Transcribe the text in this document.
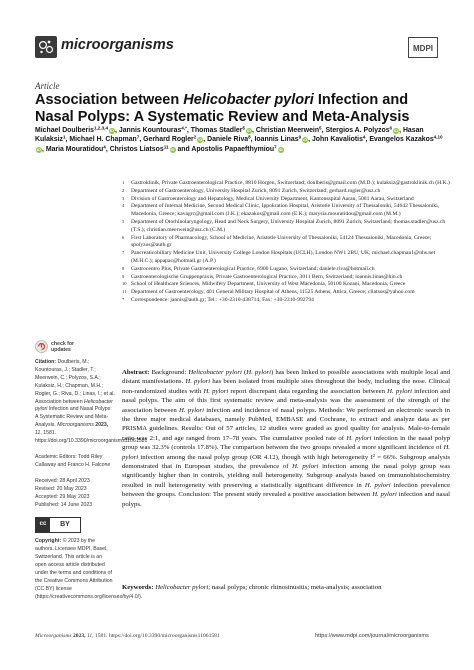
microorganisms	MDPI
Article
Association between Helicobacter pylori Infection and Nasal Polyps: A Systematic Review and Meta-Analysis

Michael Doulberis$^{1,2,3,4}$ iD, Jannis Kountouras$^{4,*}$, Thomas Stadler$^5$ iD, Christian Meerwein$^5$, Stergios A. Polyzos$^6$ iD, Hasan Kulaksiz$^1$, Michael H. Chapman$^7$, Gerhard Rogler$^2$ iD, Daniele Riva$^8$, Ioannis Linas$^9$ iD, John Kavaliotis$^4$, Evangelos Kazakos$^{4,10}$iD, Maria Mouratidou$^4$, Christos Liatsos$^{11}$ iD and Apostolis Papaefthymiou$^7$ iD

1 Gastroklinik, Private Gastroenterological Practice, 8810 Horgen, Switzerland; doulberis@gmail.com (M.D.); kulaksiz@gastroklinik.ch (H.K.)
2 Department of Gastroenterology, University Hospital Zurich, 8091 Zurich, Switzerland; gerhard.rogler@usz.ch
3 Division of Gastroenterology and Hepatology, Medical University Department, Kantonsspital Aarau, 5001 Aarau, Switzerland
4 Department of Internal Medicine, Second Medical Clinic, Ippokration Hospital, Aristotle University of Thessaloniki, 54642 Thessaloniki, Macedonia, Greece; kavagrc@gmail.com (J.K.); ekazakos@gmail.com (E.K.); marysia.mouratidou@gmail.com (M.M.)
5 Department of Otorhinolaryngology, Head and Neck Surgery, University Hospital Zurich, 8091 Zurich, Switzerland; thomas.stadler@usz.ch (T.S.); christian.meerwein@usz.ch (C.M.)
6 First Laboratory of Pharmacology, School of Medicine, Aristotle University of Thessaloniki, 54124 Thessaloniki, Macedonia, Greece; spolyzos@auth.gr
7 Pancreaticobiliary Medicine Unit, University College London Hospitals (UCLH), London NW1 2BU, UK; michael.chapman1@nhs.net (M.H.C.); appapac@hotmail.gr (A.P.)
8 Gastrocentro Plus, Private Gastroenterological Practice, 6900 Lugano, Switzerland; daniele.riva@hotmail.ch
9 Gastroenterologische Gruppenpraxis, Private Gastroenterological Practice, 3011 Bern, Switzerland; ioannis.linas@hin.ch
10 School of Healthcare Sciences, Midwifery Department, University of West Macedonia, 50100 Kozani, Macedonia, Greece
11 Department of Gastroenterology, 401 General Military Hospital of Athens, 11525 Athens, Attica, Greece; cliatsos@yahoo.com
* Correspondence: jannis@auth.gr; Tel.: +30-2310-438714; Fax: +30-2310-992794
check for
updates
Citation: Doulberis, M.; Kountouras, J.; Stadler, T.; Meerwein, C.; Polyzos, S.A.; Kulaksiz, H.; Chapman, M.H.; Rogler, G.; Riva, D.; Linas, I.; et al. Association between Helicobacter pylori Infection and Nasal Polyps: A Systematic Review and Meta-Analysis. Microorganisms 2023, 11, 1581. https://doi.org/10.3390/microorganisms11061581
Academic Editors: Todd Riley Callaway and Franco H. Falcone
Received: 28 April 2023
Revised: 20 May 2023
Accepted: 29 May 2023
Published: 14 June 2023
cc	BY
Copyright: © 2023 by the authors. Licensee MDPI, Basel, Switzerland. This article is an open access article distributed under the terms and conditions of the Creative Commons Attribution (CC BY) license (https://creativecommons.org/licenses/by/4.0/).

Abstract: Background: Helicobacter pylori (H. pylori) has been linked to possible associations with multiple local and distant manifestations. H. pylori has been isolated from multiple sites throughout the body, including the nose. Clinical non-randomized studies with H. pylori report discrepant data regarding the association between H. pylori infection and nasal polyps. The aim of this first systematic review and meta-analysis was the assessment of the strength of the association between H. pylori infection and incidence of nasal polyps. Methods: We performed an electronic search in the three major medical databases, namely PubMed, EMBASE and Cochrane, to extract and analyze data as per PRISMA guidelines. Results: Out of 57 articles, 12 studies were graded as good quality for analysis. Male-to-female ratio was 2:1, and age ranged from 17–78 years. The cumulative pooled rate of H. pylori infection in the nasal polyp group was 32.3% (controls 17.8%). The comparison between the two groups revealed a more significant incidence of H. pylori infection among the nasal polyp group (OR 4.12), though with high heterogeneity I² = 66%. Subgroup analysis demonstrated that in European studies, the prevalence of H. pylori infection among the nasal polyp group was significantly higher than in controls, yielding null heterogeneity. Subgroup analysis based on immunohistochemistry resulted in null heterogeneity with preserving a statistically significant difference in H. pylori infection prevalence between the groups. Conclusion: The present study revealed a positive association between H. pylori infection and nasal polyps.

Keywords: Helicobacter pylori; nasal polyps; chronic rhinosinusitis; meta-analysis; association

Microorganisms 2023, 11, 1581. https://doi.org/10.3390/microorganisms11061581	https://www.mdpi.com/journal/microorganisms
